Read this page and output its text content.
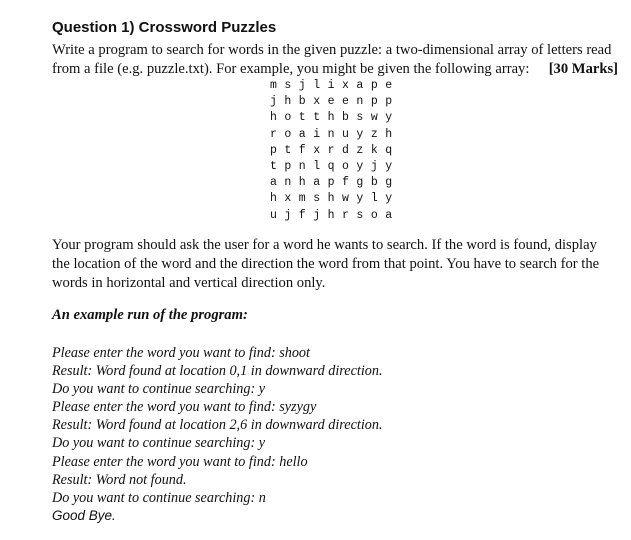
Question 1) Crossword Puzzles

Write a program to search for words in the given puzzle: a two-dimensional array of letters read from a file (e.g. puzzle.txt). For example, you might be given the following array: [30 Marks]

m s j l i x a p e
j h b x e e n p p
h o t t h b s w y
r o a i n u y z h
p t f x r d z k q
t p n l q o y j y
a n h a p f g b g
h x m s h w y l y
u j f j h r s o a

Your program should ask the user for a word he wants to search. If the word is found, display the location of the word and the direction the word from that point. You have to search for the words in horizontal and vertical direction only.

An example run of the program:

Please enter the word you want to find: shoot
Result: Word found at location 0,1 in downward direction.
Do you want to continue searching: y
Please enter the word you want to find: syzygy
Result: Word found at location 2,6 in downward direction.
Do you want to continue searching: y
Please enter the word you want to find: hello
Result: Word not found.
Do you want to continue searching: n
Good Bye.
